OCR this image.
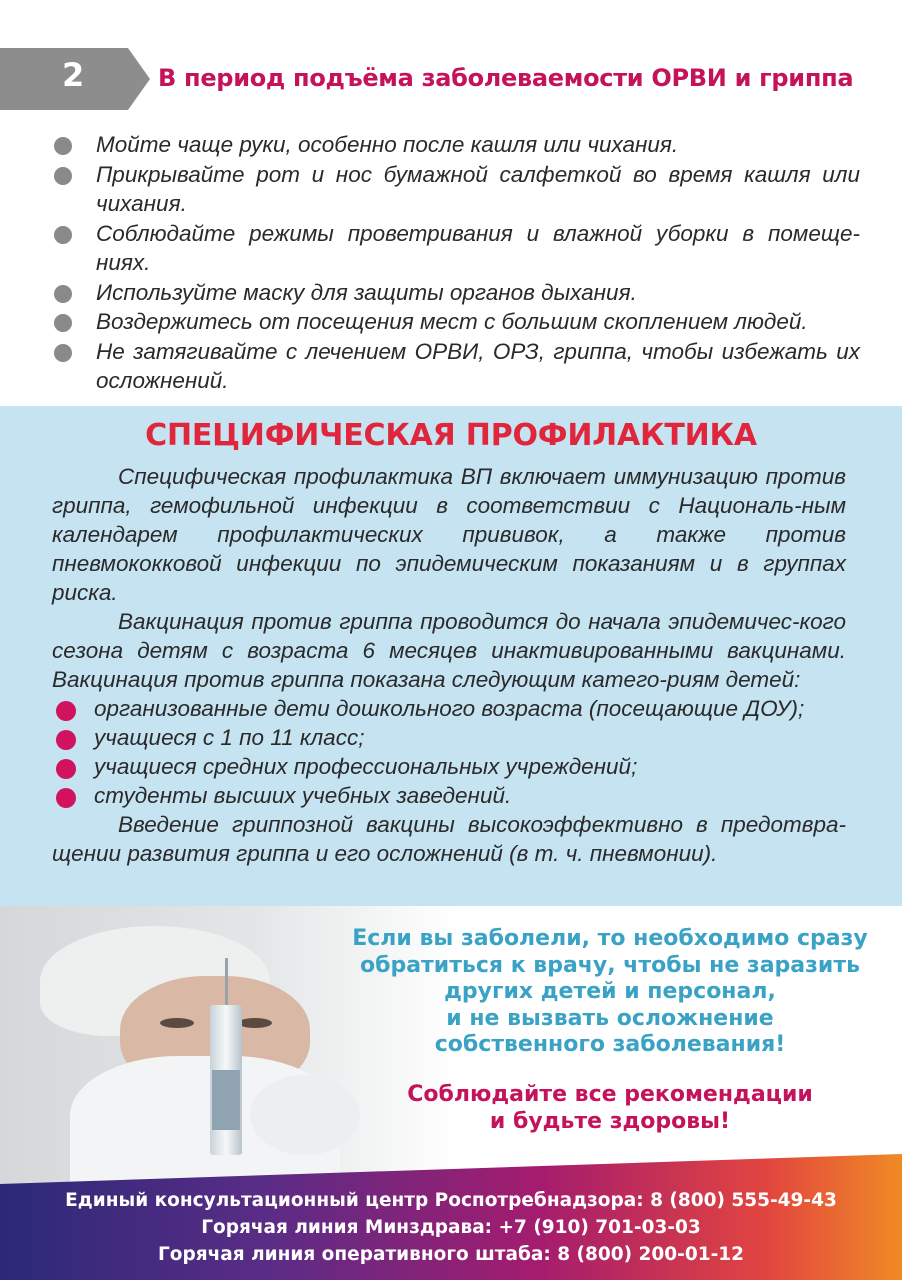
2	В период подъёма заболеваемости ОРВИ и гриппа
Мойте чаще руки, особенно после кашля или чихания.
Прикрывайте рот и нос бумажной салфеткой во время кашля или чихания.
Соблюдайте режимы проветривания и влажной уборки в помеще-ниях.
Используйте маску для защиты органов дыхания.
Воздержитесь от посещения мест с большим скоплением людей.
Не затягивайте с лечением ОРВИ, ОРЗ, гриппа, чтобы избежать их осложнений.
СПЕЦИФИЧЕСКАЯ ПРОФИЛАКТИКА

Специфическая профилактика ВП включает иммунизацию против гриппа, гемофильной инфекции в соответствии с Националь-ным календарем профилактических прививок, а также против пневмококковой инфекции по эпидемическим показаниям и в группах риска.

Вакцинация против гриппа проводится до начала эпидемичес-кого сезона детям с возраста 6 месяцев инактивированными вакцинами. Вакцинация против гриппа показана следующим катего-риям детей:

организованные дети дошкольного возраста (посещающие ДОУ);
учащиеся с 1 по 11 класс;
учащиеся средних профессиональных учреждений;
студенты высших учебных заведений.

Введение гриппозной вакцины высокоэффективно в предотвра-щении развития гриппа и его осложнений (в т. ч. пневмонии).

Если вы заболели, то необходимо сразу
обратиться к врачу, чтобы не заразить
других детей и персонал,
и не вызвать осложнение
собственного заболевания!
Соблюдайте все рекомендации
и будьте здоровы!
Единый консультационный центр Роспотребнадзора: 8 (800) 555-49-43
Горячая линия Минздрава: +7 (910) 701-03-03
Горячая линия оперативного штаба: 8 (800) 200-01-12
